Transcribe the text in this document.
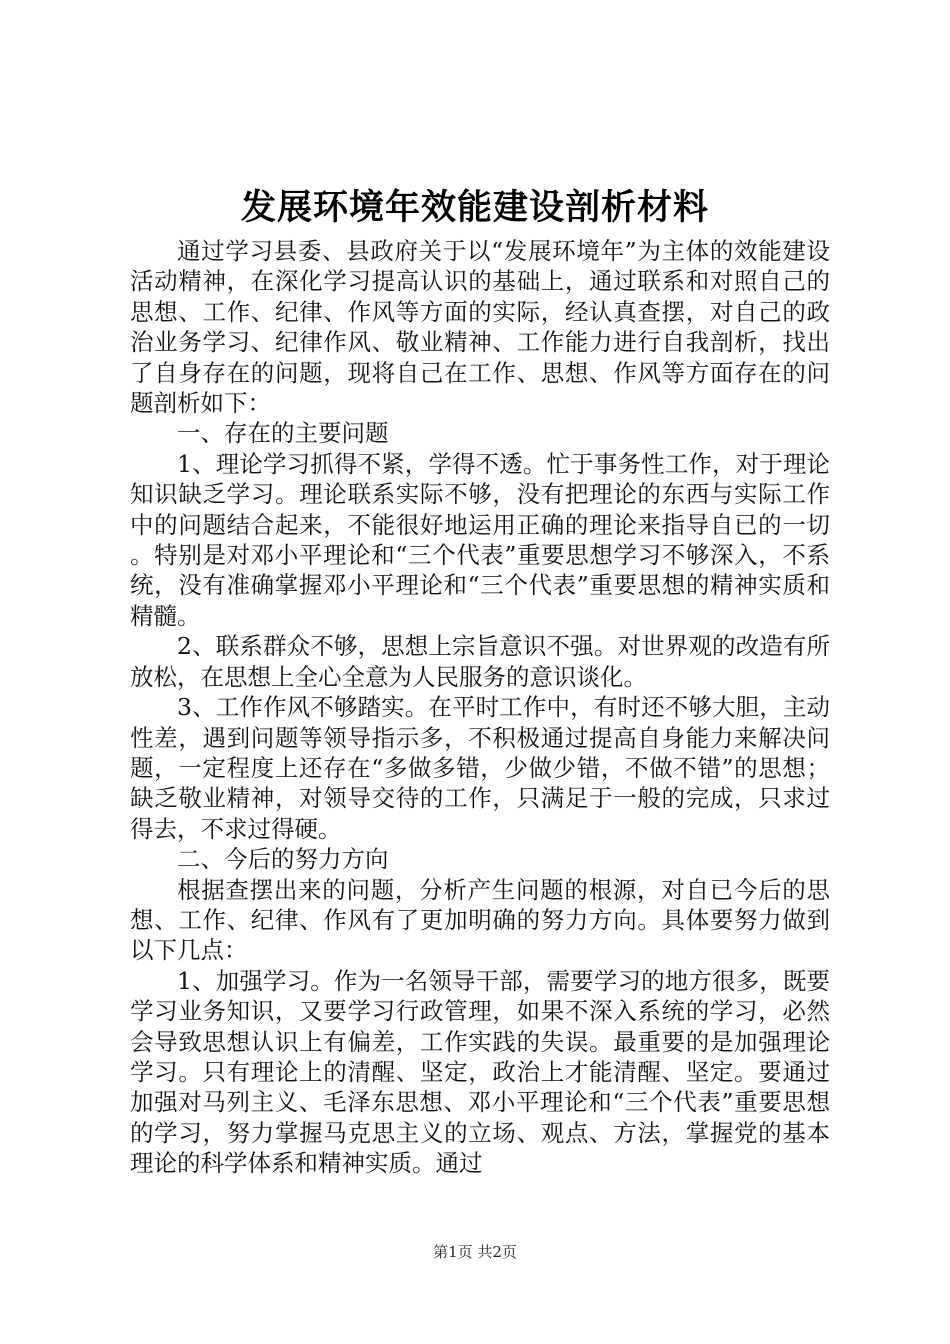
发展环境年效能建设剖析材料

通过学习县委、县政府关于以“发展环境年”为主体的效能建设活动精神，在深化学习提高认识的基础上，通过联系和对照自己的思想、工作、纪律、作风等方面的实际，经认真查摆，对自己的政治业务学习、纪律作风、敬业精神、工作能力进行自我剖析，找出了自身存在的问题，现将自己在工作、思想、作风等方面存在的问题剖析如下：

一、存在的主要问题

1、理论学习抓得不紧，学得不透。忙于事务性工作，对于理论知识缺乏学习。理论联系实际不够，没有把理论的东西与实际工作中的问题结合起来，不能很好地运用正确的理论来指导自已的一切。特别是对邓小平理论和“三个代表”重要思想学习不够深入，不系统，没有准确掌握邓小平理论和“三个代表”重要思想的精神实质和精髓。

2、联系群众不够，思想上宗旨意识不强。对世界观的改造有所放松，在思想上全心全意为人民服务的意识谈化。

3、工作作风不够踏实。在平时工作中，有时还不够大胆，主动性差，遇到问题等领导指示多，不积极通过提高自身能力来解决问题，一定程度上还存在“多做多错，少做少错，不做不错”的思想；缺乏敬业精神，对领导交待的工作，只满足于一般的完成，只求过得去，不求过得硬。

二、今后的努力方向

根据查摆出来的问题，分析产生问题的根源，对自已今后的思想、工作、纪律、作风有了更加明确的努力方向。具体要努力做到以下几点：

1、加强学习。作为一名领导干部，需要学习的地方很多，既要学习业务知识，又要学习行政管理，如果不深入系统的学习，必然会导致思想认识上有偏差，工作实践的失误。最重要的是加强理论学习。只有理论上的清醒、坚定，政治上才能清醒、坚定。要通过加强对马列主义、毛泽东思想、邓小平理论和“三个代表”重要思想的学习，努力掌握马克思主义的立场、观点、方法，掌握党的基本理论的科学体系和精神实质。通过

第1页 共2页
